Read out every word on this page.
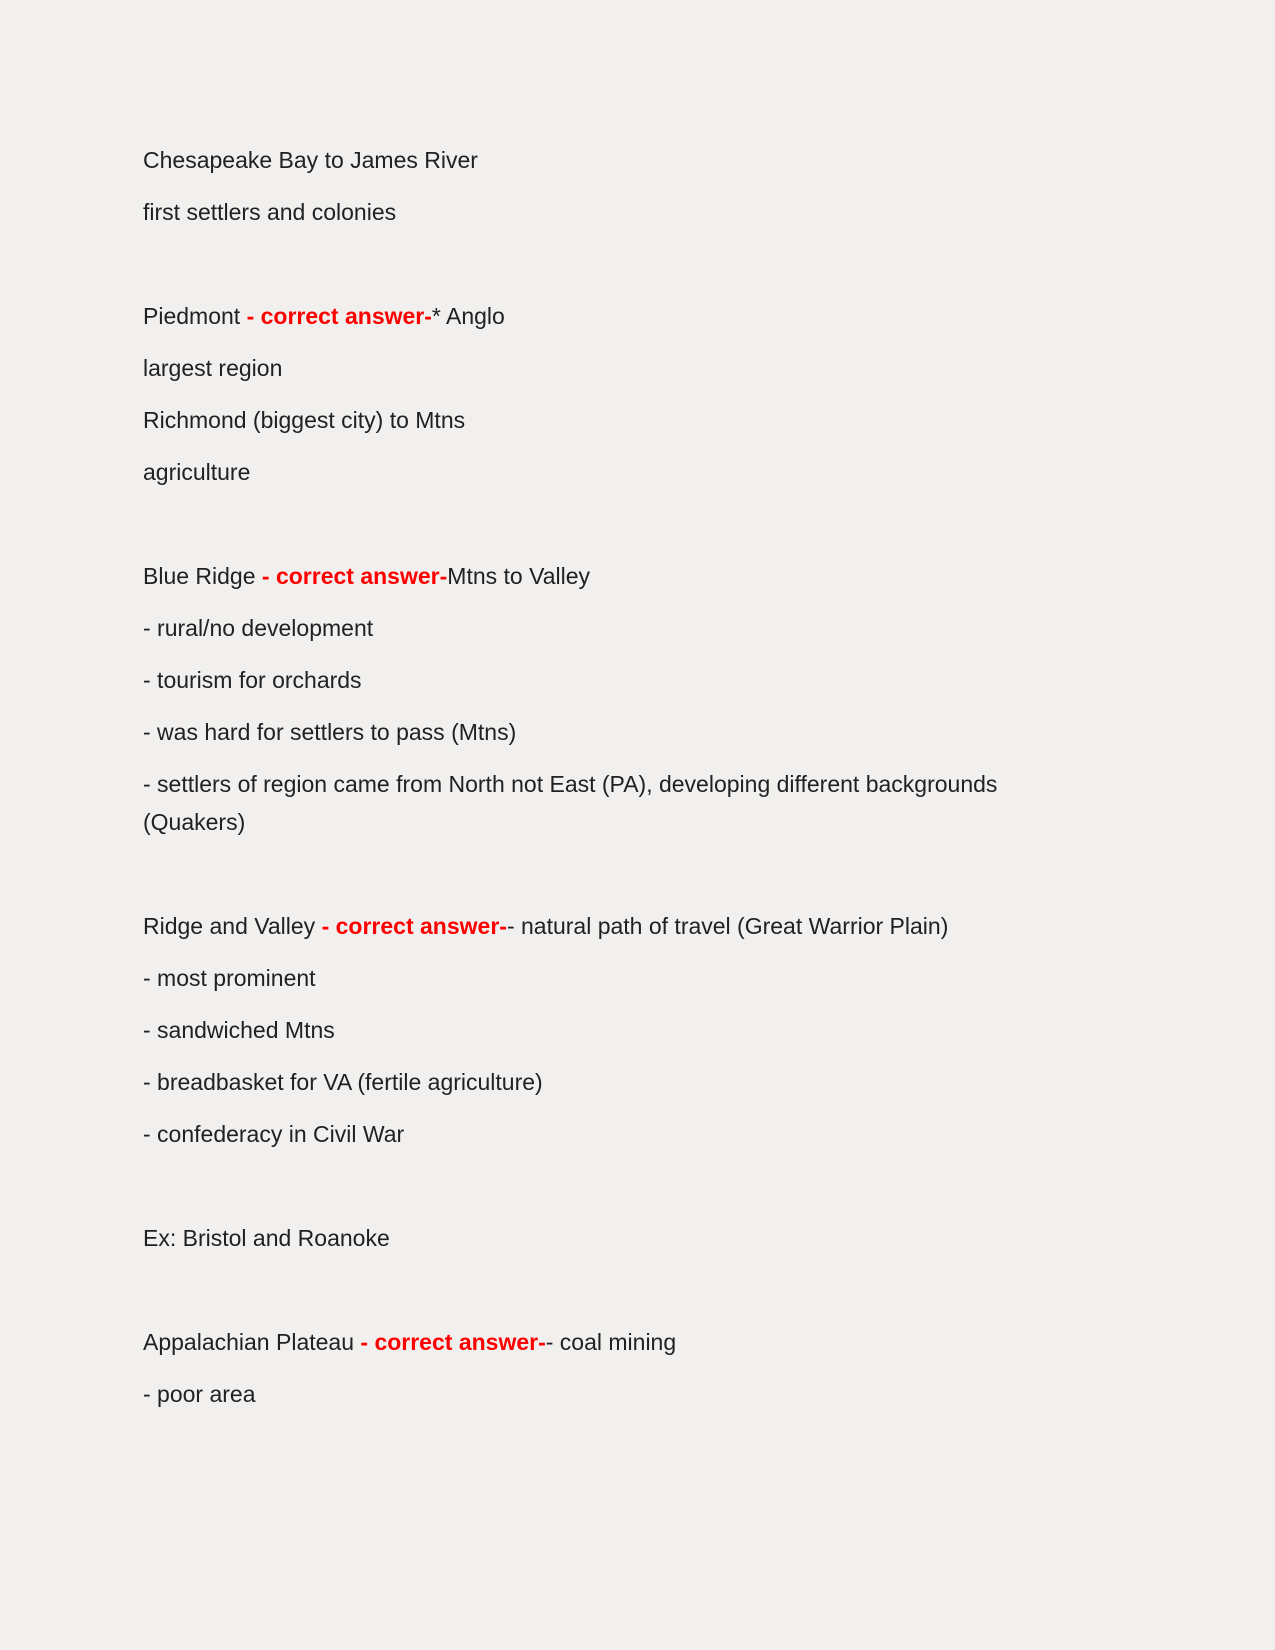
Chesapeake Bay to James River

first settlers and colonies

Piedmont - correct answer-* Anglo

largest region

Richmond (biggest city) to Mtns

agriculture

Blue Ridge - correct answer-Mtns to Valley

- rural/no development

- tourism for orchards

- was hard for settlers to pass (Mtns)

- settlers of region came from North not East (PA), developing different backgrounds (Quakers)

Ridge and Valley - correct answer-- natural path of travel (Great Warrior Plain)

- most prominent

- sandwiched Mtns

- breadbasket for VA (fertile agriculture)

- confederacy in Civil War

Ex: Bristol and Roanoke

Appalachian Plateau - correct answer-- coal mining

- poor area
